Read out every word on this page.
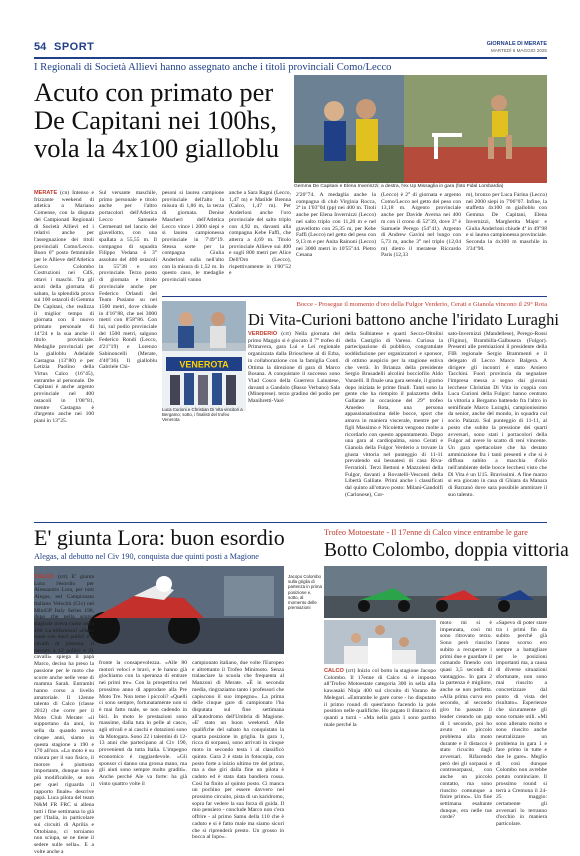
54 SPORT	GIORNALE DI MERATE
MARTEDÌ 6 MAGGIO 2025
I Regionali di Società Allievi hanno assegnato anche i titoli provinciali Como/Lecco
Acuto con primato per
De Capitani nei 100hs,
vola la 4x100 gialloblu
Gemma De Capitani e Elena Inverinzzi; a destra, l'ex Up Missaglia in gara (foto Fidal Lombardia)
MERATE (cn) Intenso e frizzante weekend di atletica a Mariano Comense, con la disputa dei Campionati Regionali di Società Allievi ed i relativi anche per l'assegnazione dei titoli provinciali Como/Lecco. Buon 6° posto femminile per le Allieve dell'Atletica Lecco Colombo Costruzioni nei CdS, ottavi i maschi. Tra gli acuti della giornata di sabato, la splendida prova sui 100 ostacoli di Gemma De Capitani, che realizza il miglior tempo di giornata con il nuovo primato personale di 14"24 e la sua anche il titolo provinciale. Medaglie provinciali per la gialloblu Adelaide Castagna (13"80) e per Letizia Paolino della Virtus Calco (16"45), entrambe al personale. De Capitani è anche argento provinciale nel 400 ostacoli in 1'08"81, mentre Castagna è d'argento anche nei 100 piani in 13"25.
Sul versante maschile, primo personale e titolo anche per l'altro portacolori dell'Atletica Lecco Samuele Cermenati nel lancio del giavellotto, con una spallata a 55,55 m. Il compagno di squadra Filippo Vedana è 3° assoluto del 400 ostacoli in 55"38 e oro provinciale. Terzo posto di giornata e titolo provinciale anche per Federico Orlandi del Team Pusiano su nei 1500 metri, dove chiude in 4'16"88, che nei 3000 metri con 8'58"86. Con lui, sul podio provinciale del 1500 metri, salgono Federico Rondi (Lecco, 4'21"19) e Lorenzo Sabinoncelli (Merate, 4'40"36). Il gialloblu Gabriele Chi-
pesoni si laurea campione provinciale dell'alto la misura di 1,86 m, la terza di giornata. Denise Mascheri dell'Atletica Lecco vince i 2000 siepi e si laurea campionessa provinciale in 7'49"19. Stessa sorte per la compagna Giulia Anderloni sulla nell'alto con la misura di 1,52 m. In questo caso, le medaglie provinciali vanno
anche a Sara Ragni (Lecco, 1,47 m) e Matilde Brenna (Calco, 1,47 m). Per Anderloni anche l'oro provinciale del salto triplo con 4,92 m, davanti alla compagna Kebe Faffi, che atterra a 4,69 m. Titolo provinciale Allieve sui 400 e sugli 800 metri per Alice Dell'Oro (Lecco), rispettivamente in 1'00"52 e
2'20"74. A medaglia anche la compagna di club Virginia Rocca, 2ª in 1'03"04 (pp) nei 400 m. Titoli anche per Elena Invernizzi (Lecco) nel salto triplo con 11,20 m e nel giavellotto con 25,35 m, per Kebe Faffi (Lecco) nel getto del peso con 9,13 m e per Anita Rainoni (Lecco) nei 3000 metri in 10'55"44. Pietro Cesana
(Lecco) è 2° di giornata e argento Como/Lecco nel getto del peso con 13,18 m. Argento provinciale anche per Davide Averna nei 400 m con il crono di 52"39, dove 3° è Samuele Perego (54"41). Argento di Andrew Gavini nel lungo con 5,73 m, anche 3° nel triplo (12,04 m) dietro il meratese Riccardo Paris (12,33
m), bronzo per Luca Farina (Lecco) nel 2000 siepi in 7'06"07. Infine, la staffetta 4x100 m gialloblu con Gemma De Capitani, Elena Invernizzi, Margherita Major e Giulia Anderlonì chiude 4ª in 49"98 e si laurea campionessa provinciale. Seconda la 4x100 m maschile in 3'34"90.
Bocce - Prosegue il momento d'oro della Fulgor Verderio, Cerati e Gianola vincono il 29° Rota
Di Vita-Curioni battono anche l'iridato Luraghi
VENEROTA
Luca Curioni e Christian Di Vita vincitori a Bergamo; sotto, i finalisti del trofeo Venerota
VERDERIO (crt) Nella giornata del primo Maggio si è giocato il 7° trofeo di Primavera, gara Lui e Lei regionale organizzata dalla Brioschese al di Erba, in collaborazione con la famiglia Conti. Ottima la direzione di gara di Marco Bosana. A conquistare il successo sono Vlad Cosco della Guerrera Lainatese, davanti a Gandolo (Basso Verbano) Sala (Mineprese). terzo gradino del podio per Manibretti-Varé
della Sulbiatese e quarti Secco-Oltolini della Castiglio di Vareso. Curiosa la partecipazione di pubblico, congratulate soddisfazione per organizzatori e sponsor, di ottimo auspicio per la stagione estiva che verrà. In Brianza della presidente Sergio Brusadelli alcolini bocciofilo Aldo Vanzelli. Il finale una gara sereale, il giorno dopo iniziata le prime finali. Tanti sono la gente che ha riempito il palazzetto della Gallarate in occasione del 29° trofeo Amedeo Rota, una persona appassionatissima delle bocce, sport che amava in maniera viscerale, mentre per i figli Massimo e Nicoletta vengono molte a ricordarlo con questo appuntamento. Dopo una gara al cardiopalma, sono Cerati e Gianola della Fulgor Verderio a trovare la giusta vittoria nel punteggio di 11-11 prevalendo sui besnatesi di casa Riva-Ferrarioli. Terzi Bettoni e Mazzoleni della Fulgor, davanti a Rovatelli-Vesconti della Libertà Galliate. Primi anche i classificati dal quinto all'ottavo posto: Milani-Gandolfi (Carlonese), Cor-
sato-Invernizzi (Mandellese), Perego-Rossi (Figino), Brambilla-Galbusera (Fulgor). Presenti alle premiazioni il presidente della FIB regionale Sergio Brammenti e il delegato di Lecco Marco Balgera. A dirigere gli incontri è stato Arsiero Tacchini. Fuori provincia da segnalare l'impresa messa a segno dai giovani lecchese Christian Di Vita in coppia con Luca Curioni della Fulgor: hanno centrato la vittoria a Bergamo battendo fra l'altro in semifinale Marco Luraghi, campionissimo da senior, anche del mondo, in squadra col socio Palazzi. Sul punteggio di 11-11, al posto che subito la pressione dei quarti avversari, sono stati i portacolori della Fulgor ad avere lo scatto di reni vincente. Un gara spettacolare che ha destato ammirazione fra i tanti presenti e che si è diffusa subito a macchia d'olio nell'ambiente delle bocce lecchesi visto che Di Vita è un U15. Bravissimi. A fine marzo si era giocato in casa di Ghiara da Manara di Barzanò dove sara possibile ammirare il suo talento.
E' giunta Lora: buon esordio
Alegas, al debutto nel Civ 190, conquista due quinti posti a Magione
CALCO (crt) E' giunta Lora l'esordio per Alessandro Lora, per tutti Alegas, nel Campionato Italiano Velocità (Civ) nel MiniGP Italy Series 190, dopo che nella scorsa stagione aveva corso nella 160. La differenza? «Dalle ruote con dieci pollici e 5 cavalli di potenza, il passato a 12 pollici e 21 cavalli» spiega il papà Marco, deciso ha preso la passione per le moto che scorre anche nelle vene di mamma Sarah. Entrambi hanno corso a livello amatoriale. Il 12enne talento di Calco (classe 2012) che corre per il Moto Club Merate: «il supportano da anni, in sella da quando aveva cinque anni, siamo in questa stagione a 190 e 170 all'ora. «La moto è su misura per il suo fisico, il motore è piuttosto importante, dunque non è più modificabile, se non per quel riguarda il rapporto finale» descrive papà. Luca pilota del team N&M FR FRC si allena tutti i fine settimana lo già per l'Italia, in particolare sui circuiti di Aprilia e Ottobiano, ci torniamo non sciupa, se ne tiene il sedere sulle sella». E a volte anche a
fronte la consapevolezza. «Alle 80 motori veloci e bravi, e le hanno già giochiamo con la speranza di entrare nei primi tre». Con la prospettiva nel prossimo anno di approdare alla Pre Moto Tre. Non teme i piccoli? «Quelli ci sono sempre, fortunatamente non si è mai fatto male, se non cadendo in bici. In moto le prestazioni sono massime, dalla tuta in pelle al casco, agli stivali e ai caschi e dotazioni sono da Motogara. Sono 22 i talentini di 12-13 anni che partecipano al Civ 190, provenienti da tutta Italia. L'impegno economico è raggiardevole. «Gli sponsor ci danno una grossa mano, ma gli aiuti sono sempre molto graditi». Anche perché Ale va forte: ha già vinto quattro volte il
campionato italiano, due volte l'Europeo e altrettanto il Trofeo Minimoto. Senza tralasciare la scuola che frequenta al Manzoni di Merate. «È in seconda media, ringraziamo tanto i professori che capiscono il suo impegno». La prima delle cinque gare di campionato l'ha disputata sul fine settimana all'autodromo dell'Umbria di Magione. «E' stato un buon weekend. Alle qualifiche del sabato ha conquistato la quarta posizione in griglia. In gara 1, ricca di sorpassi, sono arrivati in cinque moto in secondo testa i al classificò quinto. Gara 2 è stata in fotocopia, con posto forte a inizio ultimo tre del primo, ma a due giri dalla fine un pilota è caduto ed è stata data bandiera rossa. Così ha finito al quinto posto. Ci manca un pochino per essere davvero nel prossimo circuito, pista di un karidromo, sopra far vedere la sua forza di guida. Il mio pensiero - conclude Marco non c'era offrire - al primo Samu della 110 che è caduto e si è fatto male ma siamo sicuri che si riprenderà presto. Un grosso in bocca al lupo».
Trofeo Motoestate - Il 17enne di Calco vince entrambe le gare
Botto Colombo, doppia vittoria
Jacopo Colombo sulla griglia di partenza in prima posizione e, sotto, al momento delle premiazioni
CALCO (crt) Inizio col botto la stagione Jacopo Colombo. Il 17enne di Calco si è imposto all'Trofeo Motoestate categoria 300 in sella alla kawasaki Ninja 400 sul circuito di Varano de Melegari. «Entrambe le gare corse - ho disputato il primo round di quest'anno facendo la pole position nelle qualifiche. Ho pagato il distacco di quanti a turni - «Ma nella gara 1 sono partito male perché la
moto mi si è impennata, così mi sono ritrovato terzo. Sono però riuscito subito a recuperare i primi due e guardare il comando finendo con quasi 3,5 secondi di vantaggio». In gara 2 la partenza è migliore, anche se non perfetta. «Alla prima curva ero secondo, al secondo giro ho passato il leader creando un gap di 1 secondo, poi ho avuto un piccolo problema alla moto durante e il distacco è stato ricucito dagli avversari. Rifacendo però dei gli sorpassi e controsorpassi, con anche un piccolo contatto, ma sono riuscito comunque a finire primo». Un fine settimana esaltante dunque, era nelle tue corde?
«Sapevo di poter stare tra i primi fin da subito perché già l'anno scorso ero sempre a battagliare per le posizioni importanti ma, a causa di diverse situazioni sfortunate, non sono mai riuscito a concretizzare dal punto di vista del risultato». Esperienze che sicuramente gli sono tornate utili. «Mi sono allenato molto e sono riuscito anche neutralizzare un problema in gara 1 e fare primo in tutte e due le gare». Meglio di così dunque Colombo non avrebbe potuto cominciare. Il prossimo round si terrà a Cremona il 24-25 maggio: certamente gli avversari lo terranno d'occhio in maniera particolare.
